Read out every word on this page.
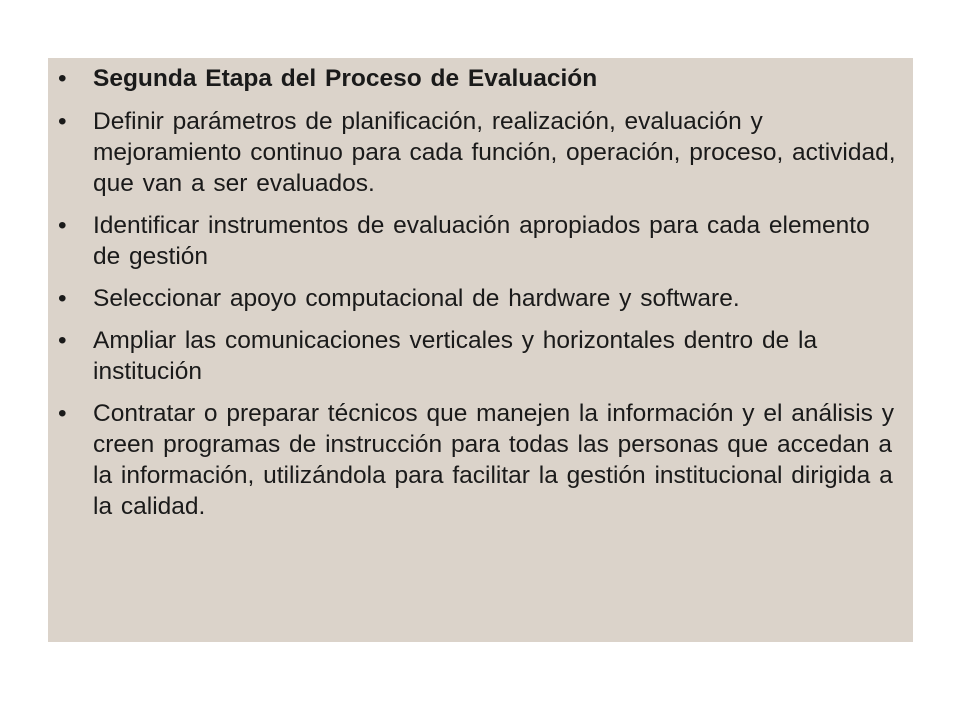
• Segunda Etapa del Proceso de Evaluación
• Definir parámetros de planificación, realización, evaluación y mejoramiento continuo para cada función, operación, proceso, actividad, que van a ser evaluados.
• Identificar instrumentos de evaluación apropiados para cada elemento de gestión
• Seleccionar apoyo computacional de hardware y software.
• Ampliar las comunicaciones verticales y horizontales dentro de la institución
• Contratar o preparar técnicos que manejen la información y el análisis y creen programas de instrucción para todas las personas que accedan a la información, utilizándola para facilitar la gestión institucional dirigida a la calidad.
